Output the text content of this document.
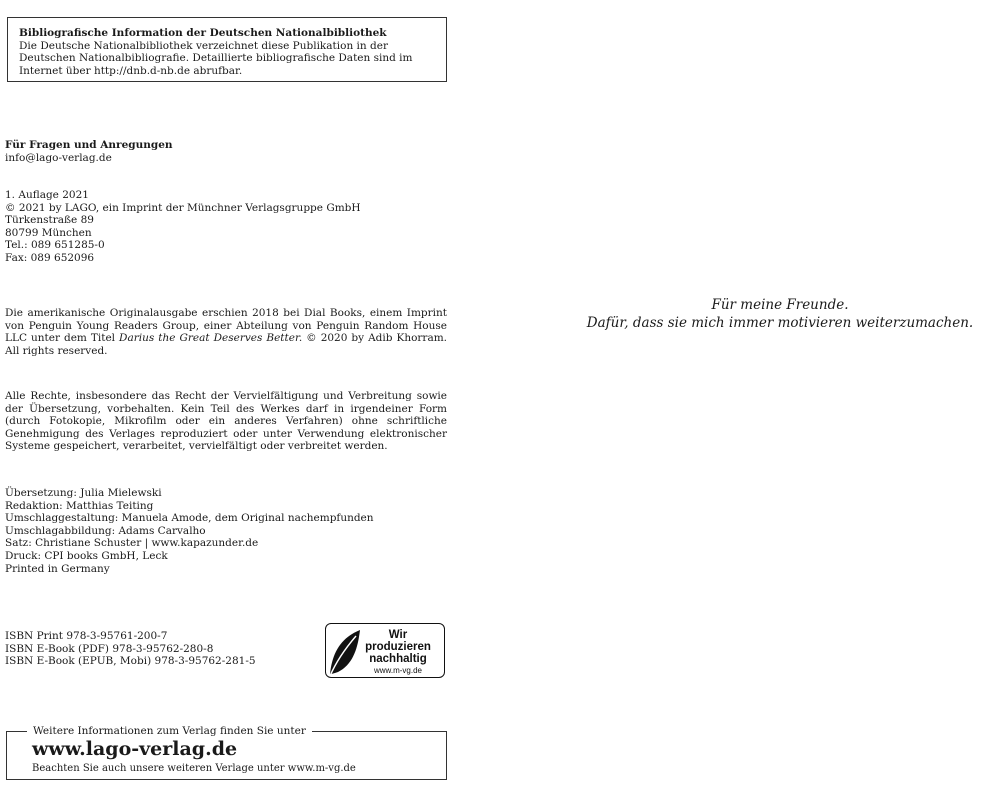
Bibliografische Information der Deutschen Nationalbibliothek
Die Deutsche Nationalbibliothek verzeichnet diese Publikation in der
Deutschen Nationalbibliografie. Detaillierte bibliografische Daten sind im
Internet über http://dnb.d-nb.de abrufbar.
Für Fragen und Anregungen
info@lago-verlag.de
1. Auflage 2021
© 2021 by LAGO, ein Imprint der Münchner Verlagsgruppe GmbH
Türkenstraße 89
80799 München
Tel.: 089 651285-0
Fax: 089 652096
Die amerikanische Originalausgabe erschien 2018 bei Dial Books, einem Imprint von Penguin Young Readers Group, einer Abteilung von Penguin Random House LLC unter dem Titel Darius the Great Deserves Better. © 2020 by Adib Khorram. All rights reserved.
Alle Rechte, insbesondere das Recht der Vervielfältigung und Verbreitung sowie der Übersetzung, vorbehalten. Kein Teil des Werkes darf in irgendeiner Form (durch Fotokopie, Mikrofilm oder ein anderes Verfahren) ohne schriftliche Genehmigung des Verlages reproduziert oder unter Verwendung elektronischer Systeme gespeichert, verarbeitet, vervielfältigt oder verbreitet werden.
Übersetzung: Julia Mielewski
Redaktion: Matthias Teiting
Umschlaggestaltung: Manuela Amode, dem Original nachempfunden
Umschlagabbildung: Adams Carvalho
Satz: Christiane Schuster | www.kapazunder.de
Druck: CPI books GmbH, Leck
Printed in Germany
ISBN Print 978-3-95761-200-7
ISBN E-Book (PDF) 978-3-95762-280-8
ISBN E-Book (EPUB, Mobi) 978-3-95762-281-5
Wir produzieren
nachhaltig
www.m-vg.de
Weitere Informationen zum Verlag finden Sie unter
www.lago-verlag.de
Beachten Sie auch unsere weiteren Verlage unter www.m-vg.de
Für meine Freunde.
Dafür, dass sie mich immer motivieren weiterzumachen.
